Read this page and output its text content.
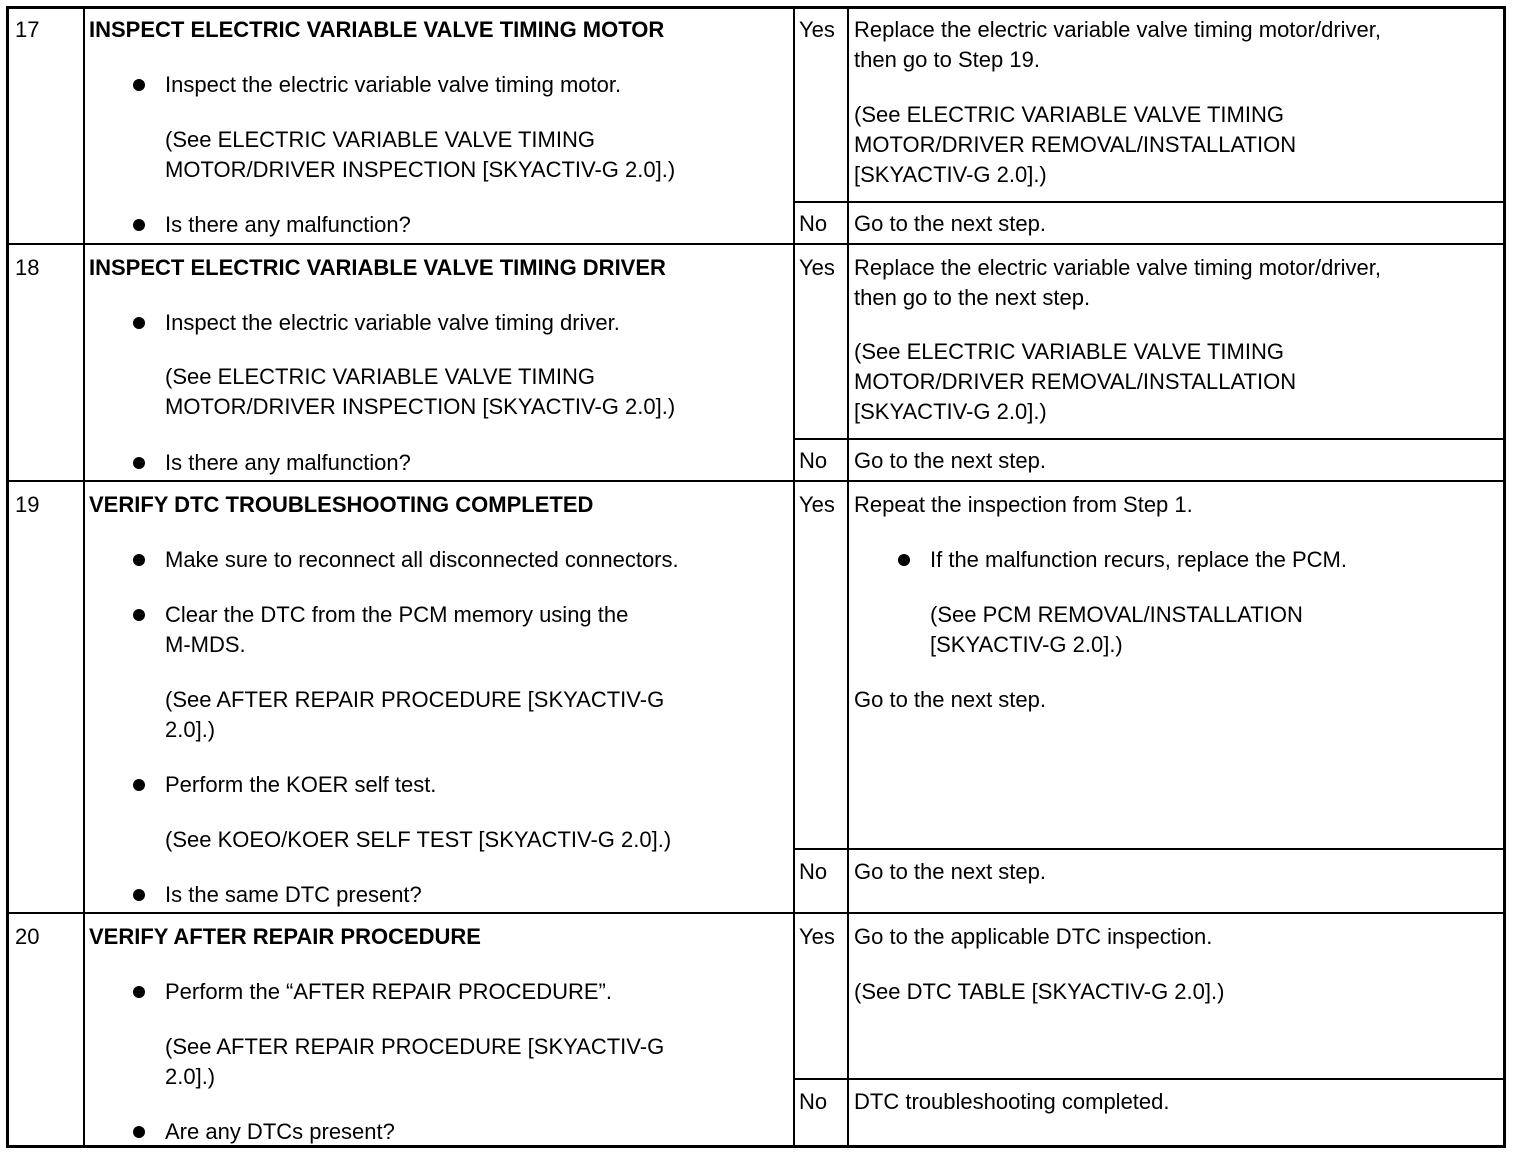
17 INSPECT ELECTRIC VARIABLE VALVE TIMING MOTOR
Inspect the electric variable valve timing motor.
(See ELECTRIC VARIABLE VALVE TIMING
MOTOR/DRIVER INSPECTION [SKYACTIV-G 2.0].)
Is there any malfunction?
Yes Replace the electric variable valve timing motor/driver,
then go to Step 19.
(See ELECTRIC VARIABLE VALVE TIMING
MOTOR/DRIVER REMOVAL/INSTALLATION
[SKYACTIV-G 2.0].)
No Go to the next step.
18 INSPECT ELECTRIC VARIABLE VALVE TIMING DRIVER
Inspect the electric variable valve timing driver.
(See ELECTRIC VARIABLE VALVE TIMING
MOTOR/DRIVER INSPECTION [SKYACTIV-G 2.0].)
Is there any malfunction?
Yes Replace the electric variable valve timing motor/driver,
then go to the next step.
(See ELECTRIC VARIABLE VALVE TIMING
MOTOR/DRIVER REMOVAL/INSTALLATION
[SKYACTIV-G 2.0].)
No Go to the next step.
19 VERIFY DTC TROUBLESHOOTING COMPLETED
Make sure to reconnect all disconnected connectors.
Clear the DTC from the PCM memory using the
M-MDS.
(See AFTER REPAIR PROCEDURE [SKYACTIV-G
2.0].)
Perform the KOER self test.
(See KOEO/KOER SELF TEST [SKYACTIV-G 2.0].)
Is the same DTC present?
Yes Repeat the inspection from Step 1.
If the malfunction recurs, replace the PCM.
(See PCM REMOVAL/INSTALLATION
[SKYACTIV-G 2.0].)
Go to the next step.
No Go to the next step.
20 VERIFY AFTER REPAIR PROCEDURE
Perform the “AFTER REPAIR PROCEDURE”.
(See AFTER REPAIR PROCEDURE [SKYACTIV-G
2.0].)
Are any DTCs present?
Yes Go to the applicable DTC inspection.
(See DTC TABLE [SKYACTIV-G 2.0].)
No DTC troubleshooting completed.
